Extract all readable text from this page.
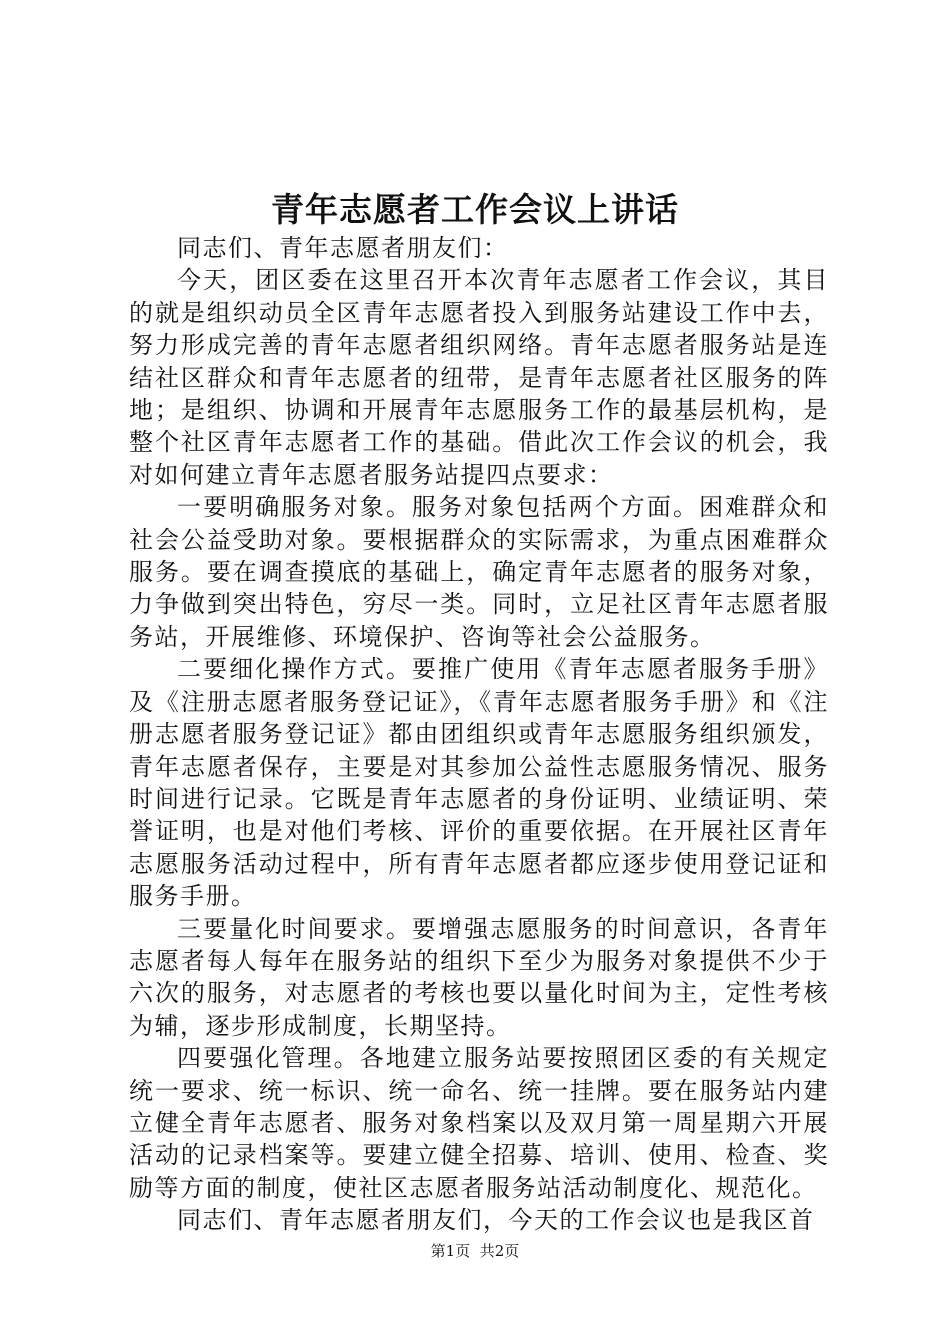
青年志愿者工作会议上讲话

同志们、青年志愿者朋友们：

今天，团区委在这里召开本次青年志愿者工作会议，其目的就是组织动员全区青年志愿者投入到服务站建设工作中去，努力形成完善的青年志愿者组织网络。青年志愿者服务站是连结社区群众和青年志愿者的纽带，是青年志愿者社区服务的阵地；是组织、协调和开展青年志愿服务工作的最基层机构，是整个社区青年志愿者工作的基础。借此次工作会议的机会，我对如何建立青年志愿者服务站提四点要求：

一要明确服务对象。服务对象包括两个方面。困难群众和社会公益受助对象。要根据群众的实际需求，为重点困难群众服务。要在调查摸底的基础上，确定青年志愿者的服务对象，力争做到突出特色，穷尽一类。同时，立足社区青年志愿者服务站，开展维修、环境保护、咨询等社会公益服务。

二要细化操作方式。要推广使用《青年志愿者服务手册》及《注册志愿者服务登记证》，《青年志愿者服务手册》和《注册志愿者服务登记证》都由团组织或青年志愿服务组织颁发，青年志愿者保存，主要是对其参加公益性志愿服务情况、服务时间进行记录。它既是青年志愿者的身份证明、业绩证明、荣誉证明，也是对他们考核、评价的重要依据。在开展社区青年志愿服务活动过程中，所有青年志愿者都应逐步使用登记证和服务手册。

三要量化时间要求。要增强志愿服务的时间意识，各青年志愿者每人每年在服务站的组织下至少为服务对象提供不少于六次的服务，对志愿者的考核也要以量化时间为主，定性考核为辅，逐步形成制度，长期坚持。

四要强化管理。各地建立服务站要按照团区委的有关规定统一要求、统一标识、统一命名、统一挂牌。要在服务站内建立健全青年志愿者、服务对象档案以及双月第一周星期六开展活动的记录档案等。要建立健全招募、培训、使用、检查、奖励等方面的制度，使社区志愿者服务站活动制度化、规范化。

同志们、青年志愿者朋友们，今天的工作会议也是我区首

第1页 共2页
